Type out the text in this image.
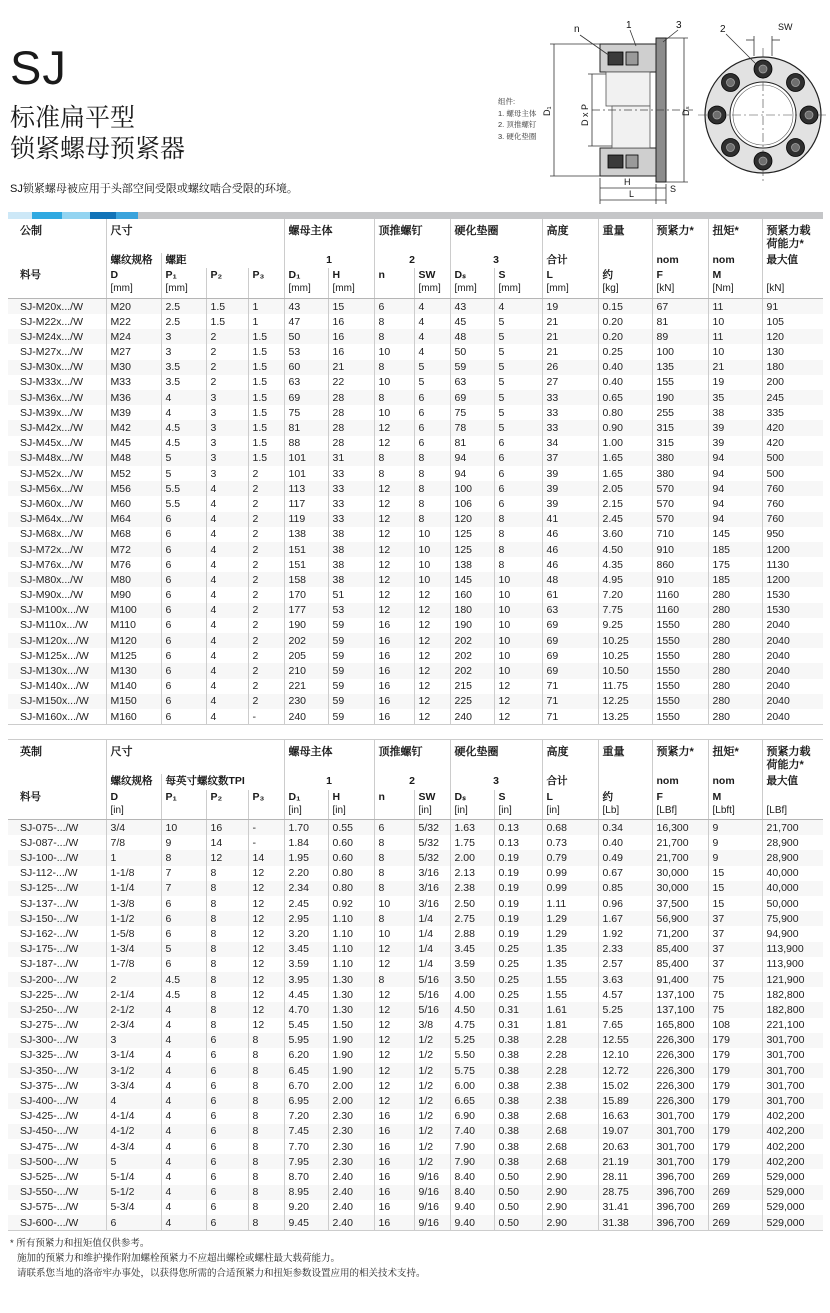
SJ
标准扁平型
锁紧螺母预紧器
SJ锁紧螺母被应用于头部空间受限或螺纹啮合受限的环境。
组件:
1. 螺母主体
2. 顶推螺钉
3. 硬化垫圈
n	1	3
D₁	D x P	Dₛ
H
S
L
2	SW
公制	尺寸				螺母主体		顶推螺钉		硬化垫圈		高度	重量	预紧力*	扭矩*	预紧力载荷能力*
	螺纹规格	螺距			1		2		3		合计		nom	nom	最大值
料号	D	P₁	P₂	P₃	D₁	H	n	SW	Dₛ	S	L	约	F	M	
	[mm]	[mm]			[mm]	[mm]		[mm]	[mm]	[mm]	[mm]	[kg]	[kN]	[Nm]	[kN]
SJ-M20x.../W	M20	2.5	1.5	1	43	15	6	4	43	4	19	0.15	67	11	91
SJ-M22x.../W	M22	2.5	1.5	1	47	16	8	4	45	5	21	0.20	81	10	105
SJ-M24x.../W	M24	3	2	1.5	50	16	8	4	48	5	21	0.20	89	11	120
SJ-M27x.../W	M27	3	2	1.5	53	16	10	4	50	5	21	0.25	100	10	130
SJ-M30x.../W	M30	3.5	2	1.5	60	21	8	5	59	5	26	0.40	135	21	180
SJ-M33x.../W	M33	3.5	2	1.5	63	22	10	5	63	5	27	0.40	155	19	200
SJ-M36x.../W	M36	4	3	1.5	69	28	8	6	69	5	33	0.65	190	35	245
SJ-M39x.../W	M39	4	3	1.5	75	28	10	6	75	5	33	0.80	255	38	335
SJ-M42x.../W	M42	4.5	3	1.5	81	28	12	6	78	5	33	0.90	315	39	420
SJ-M45x.../W	M45	4.5	3	1.5	88	28	12	6	81	6	34	1.00	315	39	420
SJ-M48x.../W	M48	5	3	1.5	101	31	8	8	94	6	37	1.65	380	94	500
SJ-M52x.../W	M52	5	3	2	101	33	8	8	94	6	39	1.65	380	94	500
SJ-M56x.../W	M56	5.5	4	2	113	33	12	8	100	6	39	2.05	570	94	760
SJ-M60x.../W	M60	5.5	4	2	117	33	12	8	106	6	39	2.15	570	94	760
SJ-M64x.../W	M64	6	4	2	119	33	12	8	120	8	41	2.45	570	94	760
SJ-M68x.../W	M68	6	4	2	138	38	12	10	125	8	46	3.60	710	145	950
SJ-M72x.../W	M72	6	4	2	151	38	12	10	125	8	46	4.50	910	185	1200
SJ-M76x.../W	M76	6	4	2	151	38	12	10	138	8	46	4.35	860	175	1130
SJ-M80x.../W	M80	6	4	2	158	38	12	10	145	10	48	4.95	910	185	1200
SJ-M90x.../W	M90	6	4	2	170	51	12	12	160	10	61	7.20	1160	280	1530
SJ-M100x.../W	M100	6	4	2	177	53	12	12	180	10	63	7.75	1160	280	1530
SJ-M110x.../W	M110	6	4	2	190	59	16	12	190	10	69	9.25	1550	280	2040
SJ-M120x.../W	M120	6	4	2	202	59	16	12	202	10	69	10.25	1550	280	2040
SJ-M125x.../W	M125	6	4	2	205	59	16	12	202	10	69	10.25	1550	280	2040
SJ-M130x.../W	M130	6	4	2	210	59	16	12	202	10	69	10.50	1550	280	2040
SJ-M140x.../W	M140	6	4	2	221	59	16	12	215	12	71	11.75	1550	280	2040
SJ-M150x.../W	M150	6	4	2	230	59	16	12	225	12	71	12.25	1550	280	2040
SJ-M160x.../W	M160	6	4	-	240	59	16	12	240	12	71	13.25	1550	280	2040
英制	尺寸				螺母主体		顶推螺钉		硬化垫圈		高度	重量	预紧力*	扭矩*	预紧力载荷能力*
	螺纹规格	每英寸螺纹数TPI			1		2		3		合计		nom	nom	最大值
料号	D	P₁	P₂	P₃	D₁	H	n	SW	Dₛ	S	L	约	F	M	
	[in]				[in]	[in]		[in]	[in]	[in]	[in]	[Lb]	[LBf]	[Lbft]	[LBf]
SJ-075-.../W	3/4	10	16	-	1.70	0.55	6	5/32	1.63	0.13	0.68	0.34	16,300	9	21,700
SJ-087-.../W	7/8	9	14	-	1.84	0.60	8	5/32	1.75	0.13	0.73	0.40	21,700	9	28,900
SJ-100-.../W	1	8	12	14	1.95	0.60	8	5/32	2.00	0.19	0.79	0.49	21,700	9	28,900
SJ-112-.../W	1-1/8	7	8	12	2.20	0.80	8	3/16	2.13	0.19	0.99	0.67	30,000	15	40,000
SJ-125-.../W	1-1/4	7	8	12	2.34	0.80	8	3/16	2.38	0.19	0.99	0.85	30,000	15	40,000
SJ-137-.../W	1-3/8	6	8	12	2.45	0.92	10	3/16	2.50	0.19	1.11	0.96	37,500	15	50,000
SJ-150-.../W	1-1/2	6	8	12	2.95	1.10	8	1/4	2.75	0.19	1.29	1.67	56,900	37	75,900
SJ-162-.../W	1-5/8	6	8	12	3.20	1.10	10	1/4	2.88	0.19	1.29	1.92	71,200	37	94,900
SJ-175-.../W	1-3/4	5	8	12	3.45	1.10	12	1/4	3.45	0.25	1.35	2.33	85,400	37	113,900
SJ-187-.../W	1-7/8	6	8	12	3.59	1.10	12	1/4	3.59	0.25	1.35	2.57	85,400	37	113,900
SJ-200-.../W	2	4.5	8	12	3.95	1.30	8	5/16	3.50	0.25	1.55	3.63	91,400	75	121,900
SJ-225-.../W	2-1/4	4.5	8	12	4.45	1.30	12	5/16	4.00	0.25	1.55	4.57	137,100	75	182,800
SJ-250-.../W	2-1/2	4	8	12	4.70	1.30	12	5/16	4.50	0.31	1.61	5.25	137,100	75	182,800
SJ-275-.../W	2-3/4	4	8	12	5.45	1.50	12	3/8	4.75	0.31	1.81	7.65	165,800	108	221,100
SJ-300-.../W	3	4	6	8	5.95	1.90	12	1/2	5.25	0.38	2.28	12.55	226,300	179	301,700
SJ-325-.../W	3-1/4	4	6	8	6.20	1.90	12	1/2	5.50	0.38	2.28	12.10	226,300	179	301,700
SJ-350-.../W	3-1/2	4	6	8	6.45	1.90	12	1/2	5.75	0.38	2.28	12.72	226,300	179	301,700
SJ-375-.../W	3-3/4	4	6	8	6.70	2.00	12	1/2	6.00	0.38	2.38	15.02	226,300	179	301,700
SJ-400-.../W	4	4	6	8	6.95	2.00	12	1/2	6.65	0.38	2.38	15.89	226,300	179	301,700
SJ-425-.../W	4-1/4	4	6	8	7.20	2.30	16	1/2	6.90	0.38	2.68	16.63	301,700	179	402,200
SJ-450-.../W	4-1/2	4	6	8	7.45	2.30	16	1/2	7.40	0.38	2.68	19.07	301,700	179	402,200
SJ-475-.../W	4-3/4	4	6	8	7.70	2.30	16	1/2	7.90	0.38	2.68	20.63	301,700	179	402,200
SJ-500-.../W	5	4	6	8	7.95	2.30	16	1/2	7.90	0.38	2.68	21.19	301,700	179	402,200
SJ-525-.../W	5-1/4	4	6	8	8.70	2.40	16	9/16	8.40	0.50	2.90	28.11	396,700	269	529,000
SJ-550-.../W	5-1/2	4	6	8	8.95	2.40	16	9/16	8.40	0.50	2.90	28.75	396,700	269	529,000
SJ-575-.../W	5-3/4	4	6	8	9.20	2.40	16	9/16	9.40	0.50	2.90	31.41	396,700	269	529,000
SJ-600-.../W	6	4	6	8	9.45	2.40	16	9/16	9.40	0.50	2.90	31.38	396,700	269	529,000
* 所有预紧力和扭矩值仅供参考。
施加的预紧力和维护操作附加螺栓预紧力不应超出螺栓或螺柱最大载荷能力。
请联系您当地的洛帝牢办事处，以获得您所需的合适预紧力和扭矩参数设置应用的相关技术支持。
